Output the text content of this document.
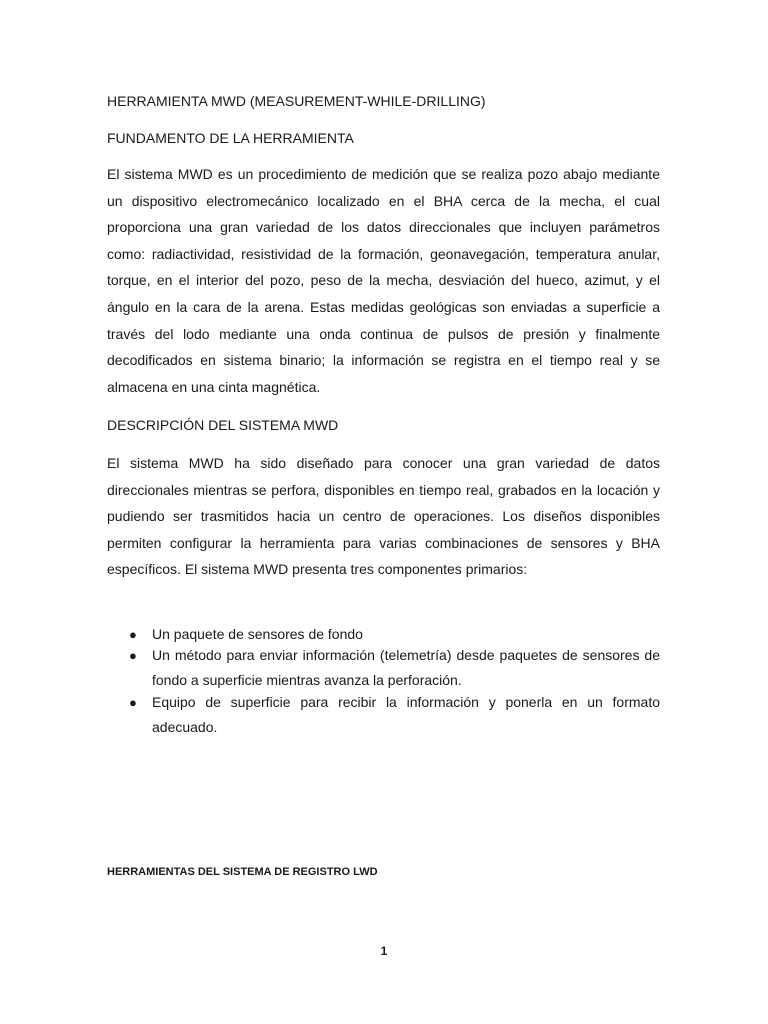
HERRAMIENTA MWD (MEASUREMENT-WHILE-DRILLING)
FUNDAMENTO DE LA HERRAMIENTA

El sistema MWD es un procedimiento de medición que se realiza pozo abajo mediante un dispositivo electromecánico localizado en el BHA cerca de la mecha, el cual proporciona una gran variedad de los datos direccionales que incluyen parámetros como: radiactividad, resistividad de la formación, geonavegación, temperatura anular, torque, en el interior del pozo, peso de la mecha, desviación del hueco, azimut, y el ángulo en la cara de la arena. Estas medidas geológicas son enviadas a superficie a través del lodo mediante una onda continua de pulsos de presión y finalmente decodificados en sistema binario; la información se registra en el tiempo real y se almacena en una cinta magnética.

DESCRIPCIÓN DEL SISTEMA MWD

El sistema MWD ha sido diseñado para conocer una gran variedad de datos direccionales mientras se perfora, disponibles en tiempo real, grabados en la locación y pudiendo ser trasmitidos hacia un centro de operaciones. Los diseños disponibles permiten configurar la herramienta para varias combinaciones de sensores y BHA específicos. El sistema MWD presenta tres componentes primarios:

● Un paquete de sensores de fondo
● Un método para enviar información (telemetría) desde paquetes de sensores de fondo a superficie mientras avanza la perforación.
● Equipo de superficie para recibir la información y ponerla en un formato adecuado.
HERRAMIENTAS DEL SISTEMA DE REGISTRO LWD
1
